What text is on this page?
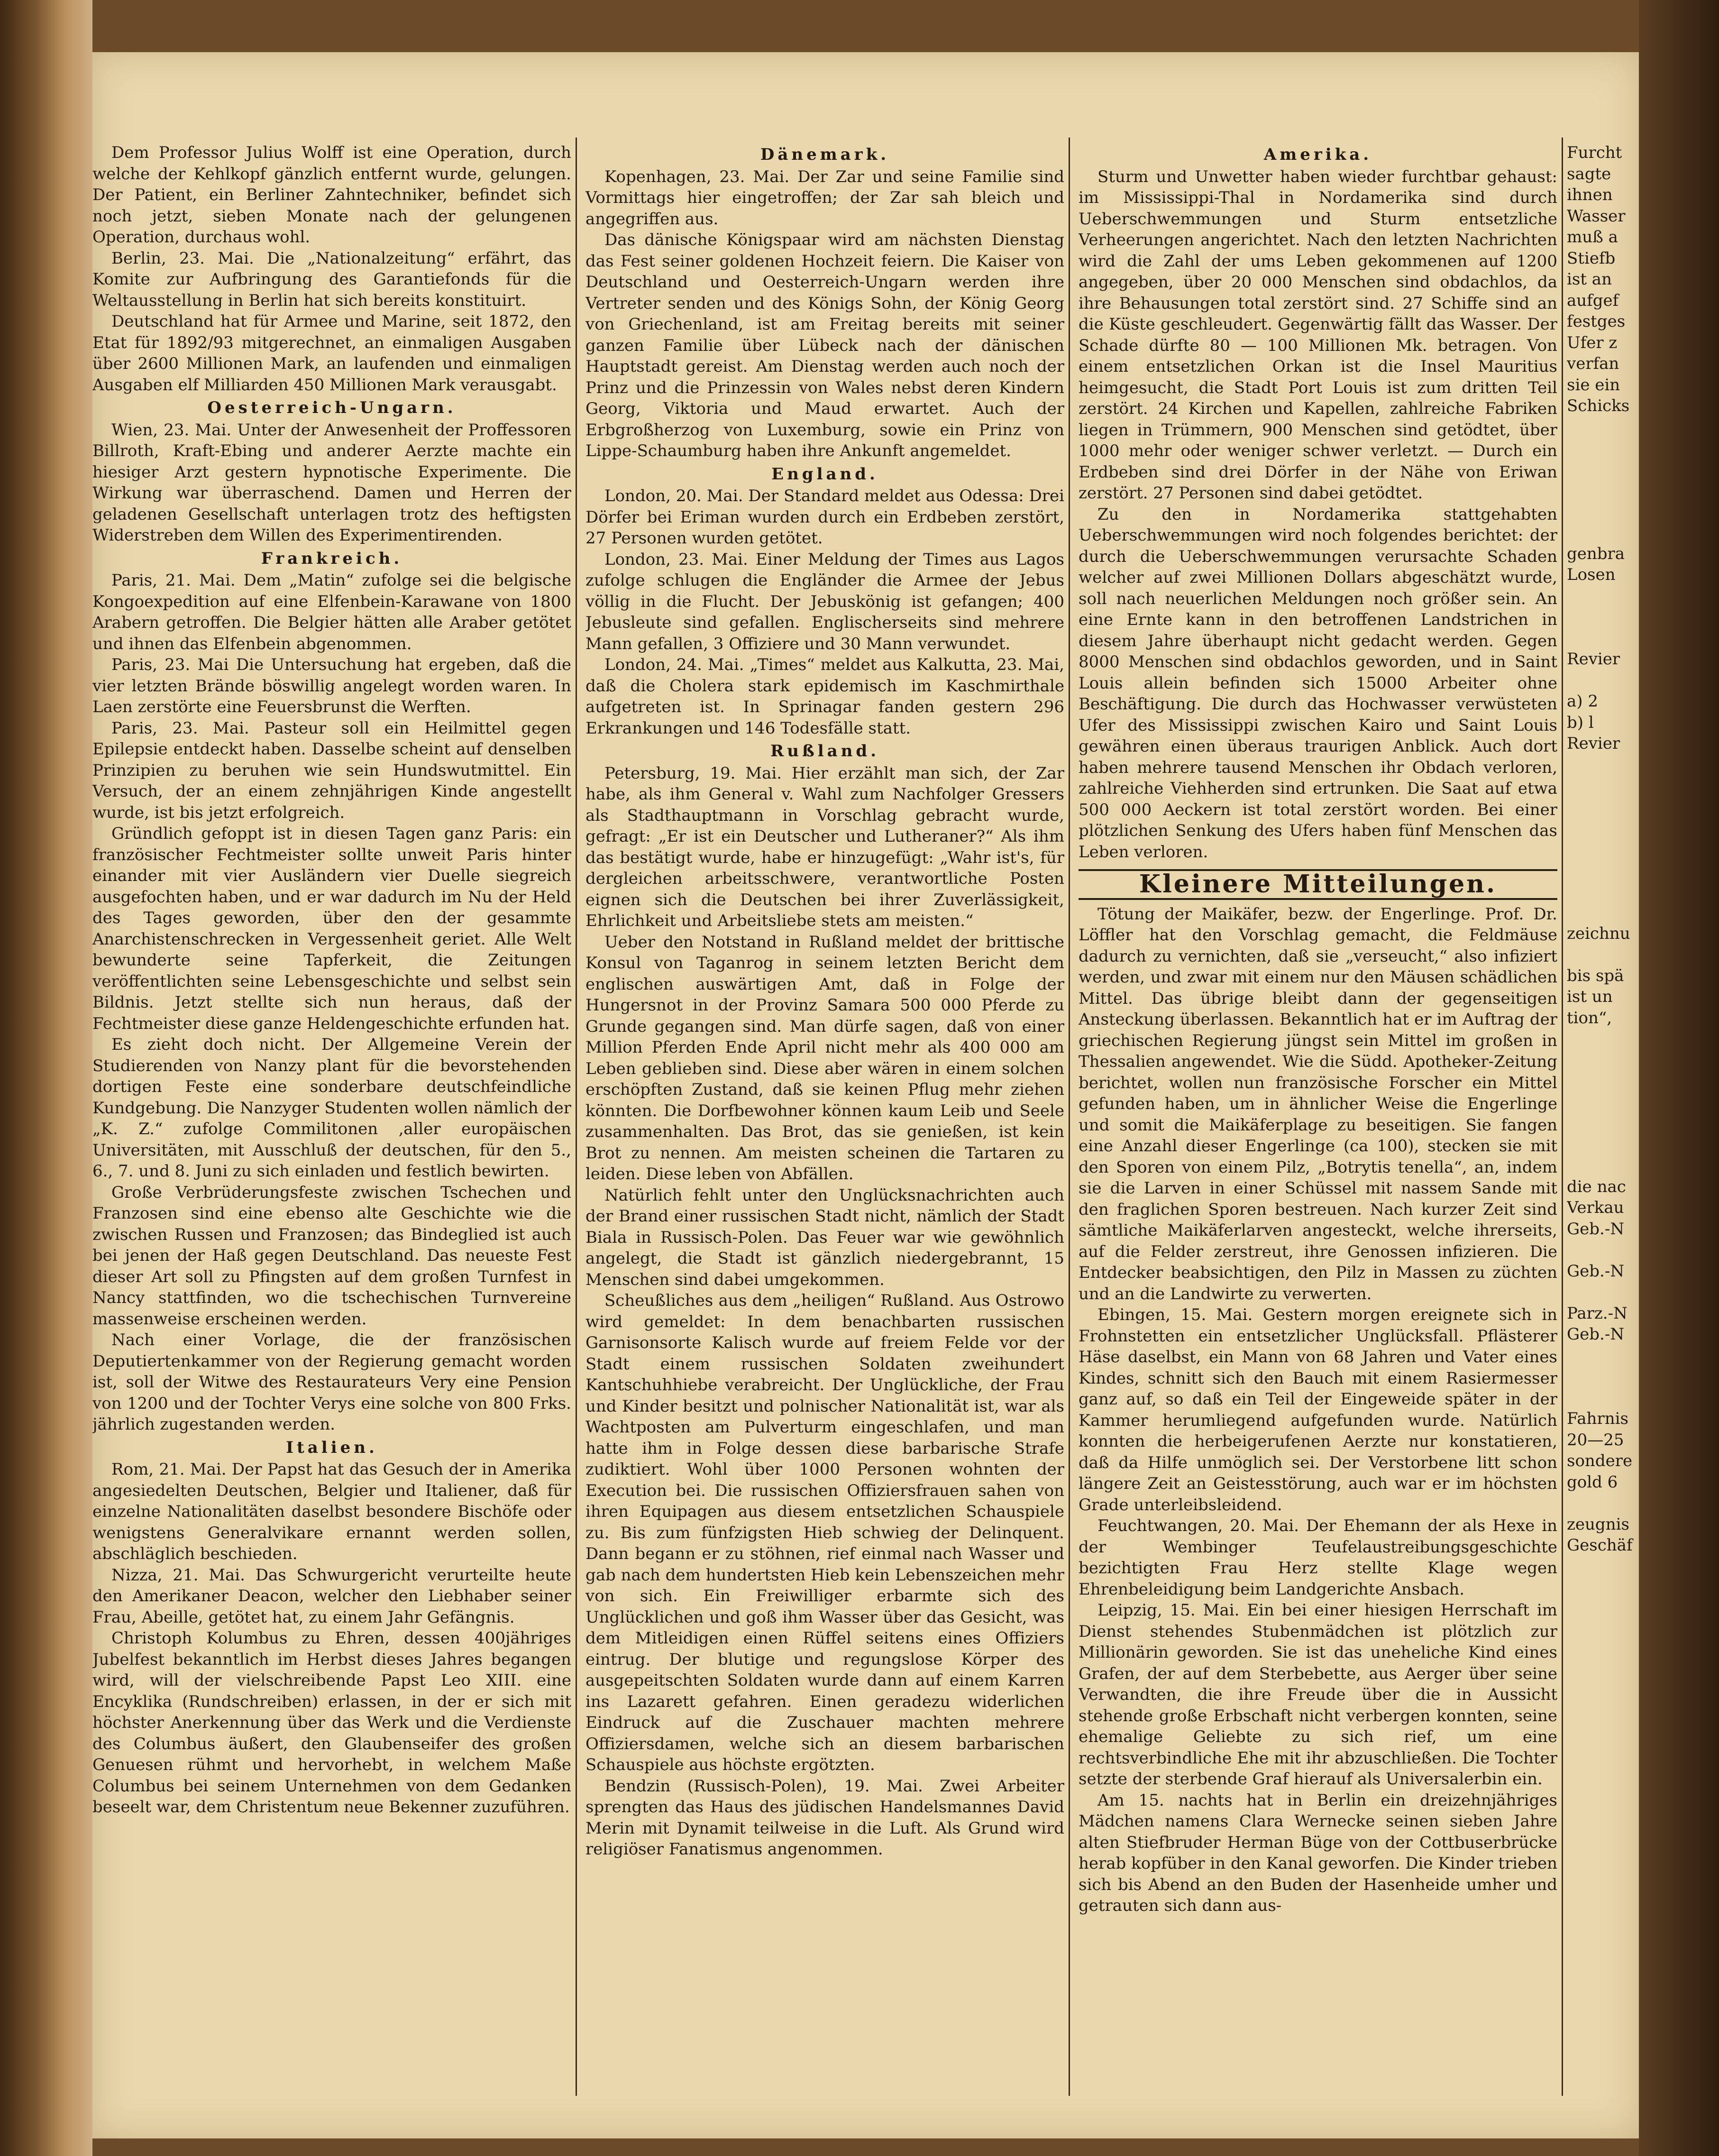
Dem Professor Julius Wolff ist eine Operation, durch welche der Kehlkopf gänzlich entfernt wurde, gelungen. Der Patient, ein Berliner Zahntechniker, befindet sich noch jetzt, sieben Monate nach der gelungenen Operation, durchaus wohl.

Berlin, 23. Mai. Die „Nationalzeitung“ erfährt, das Komite zur Aufbringung des Garantiefonds für die Weltausstellung in Berlin hat sich bereits konstituirt.

Deutschland hat für Armee und Marine, seit 1872, den Etat für 1892/93 mitgerechnet, an einmaligen Ausgaben über 2600 Millionen Mark, an laufenden und einmaligen Ausgaben elf Milliarden 450 Millionen Mark verausgabt.

Oesterreich-Ungarn.

Wien, 23. Mai. Unter der Anwesenheit der Proffessoren Billroth, Kraft-Ebing und anderer Aerzte machte ein hiesiger Arzt gestern hypnotische Experimente. Die Wirkung war überraschend. Damen und Herren der geladenen Gesellschaft unterlagen trotz des heftigsten Widerstreben dem Willen des Experimentirenden.

Frankreich.

Paris, 21. Mai. Dem „Matin“ zufolge sei die belgische Kongoexpedition auf eine Elfenbein-Karawane von 1800 Arabern getroffen. Die Belgier hätten alle Araber getötet und ihnen das Elfenbein abgenommen.

Paris, 23. Mai Die Untersuchung hat ergeben, daß die vier letzten Brände böswillig angelegt worden waren. In Laen zerstörte eine Feuersbrunst die Werften.

Paris, 23. Mai. Pasteur soll ein Heilmittel gegen Epilepsie entdeckt haben. Dasselbe scheint auf denselben Prinzipien zu beruhen wie sein Hundswutmittel. Ein Versuch, der an einem zehnjährigen Kinde angestellt wurde, ist bis jetzt erfolgreich.

Gründlich gefoppt ist in diesen Tagen ganz Paris: ein französischer Fechtmeister sollte unweit Paris hinter einander mit vier Ausländern vier Duelle siegreich ausgefochten haben, und er war dadurch im Nu der Held des Tages geworden, über den der gesammte Anarchistenschrecken in Vergessenheit geriet. Alle Welt bewunderte seine Tapferkeit, die Zeitungen veröffentlichten seine Lebensgeschichte und selbst sein Bildnis. Jetzt stellte sich nun heraus, daß der Fechtmeister diese ganze Heldengeschichte erfunden hat.

Es zieht doch nicht. Der Allgemeine Verein der Studierenden von Nanzy plant für die bevorstehenden dortigen Feste eine sonderbare deutschfeindliche Kundgebung. Die Nanzyger Studenten wollen nämlich der „K. Z.“ zufolge Commilitonen ‚aller europäischen Universitäten, mit Ausschluß der deutschen, für den 5., 6., 7. und 8. Juni zu sich einladen und festlich bewirten.

Große Verbrüderungsfeste zwischen Tschechen und Franzosen sind eine ebenso alte Geschichte wie die zwischen Russen und Franzosen; das Bindeglied ist auch bei jenen der Haß gegen Deutschland. Das neueste Fest dieser Art soll zu Pfingsten auf dem großen Turnfest in Nancy stattfinden, wo die tschechischen Turnvereine massenweise erscheinen werden.

Nach einer Vorlage, die der französischen Deputiertenkammer von der Regierung gemacht worden ist, soll der Witwe des Restaurateurs Very eine Pension von 1200 und der Tochter Verys eine solche von 800 Frks. jährlich zugestanden werden.

Italien.

Rom, 21. Mai. Der Papst hat das Gesuch der in Amerika angesiedelten Deutschen, Belgier und Italiener, daß für einzelne Nationalitäten daselbst besondere Bischöfe oder wenigstens Generalvikare ernannt werden sollen, abschläglich beschieden.

Nizza, 21. Mai. Das Schwurgericht verurteilte heute den Amerikaner Deacon, welcher den Liebhaber seiner Frau, Abeille, getötet hat, zu einem Jahr Gefängnis.

Christoph Kolumbus zu Ehren, dessen 400jähriges Jubelfest bekanntlich im Herbst dieses Jahres begangen wird, will der vielschreibende Papst Leo XIII. eine Encyklika (Rundschreiben) erlassen, in der er sich mit höchster Anerkennung über das Werk und die Verdienste des Columbus äußert, den Glaubenseifer des großen Genuesen rühmt und hervorhebt, in welchem Maße Columbus bei seinem Unternehmen von dem Gedanken beseelt war, dem Christentum neue Bekenner zuzuführen.

Dänemark.

Kopenhagen, 23. Mai. Der Zar und seine Familie sind Vormittags hier eingetroffen; der Zar sah bleich und angegriffen aus.

Das dänische Königspaar wird am nächsten Dienstag das Fest seiner goldenen Hochzeit feiern. Die Kaiser von Deutschland und Oesterreich-Ungarn werden ihre Vertreter senden und des Königs Sohn, der König Georg von Griechenland, ist am Freitag bereits mit seiner ganzen Familie über Lübeck nach der dänischen Hauptstadt gereist. Am Dienstag werden auch noch der Prinz und die Prinzessin von Wales nebst deren Kindern Georg, Viktoria und Maud erwartet. Auch der Erbgroßherzog von Luxemburg, sowie ein Prinz von Lippe-Schaumburg haben ihre Ankunft angemeldet.

England.

London, 20. Mai. Der Standard meldet aus Odessa: Drei Dörfer bei Eriman wurden durch ein Erdbeben zerstört, 27 Personen wurden getötet.

London, 23. Mai. Einer Meldung der Times aus Lagos zufolge schlugen die Engländer die Armee der Jebus völlig in die Flucht. Der Jebuskönig ist gefangen; 400 Jebusleute sind gefallen. Englischerseits sind mehrere Mann gefallen, 3 Offiziere und 30 Mann verwundet.

London, 24. Mai. „Times“ meldet aus Kalkutta, 23. Mai, daß die Cholera stark epidemisch im Kaschmirthale aufgetreten ist. In Sprinagar fanden gestern 296 Erkrankungen und 146 Todesfälle statt.

Rußland.

Petersburg, 19. Mai. Hier erzählt man sich, der Zar habe, als ihm General v. Wahl zum Nachfolger Gressers als Stadthauptmann in Vorschlag gebracht wurde, gefragt: „Er ist ein Deutscher und Lutheraner?“ Als ihm das bestätigt wurde, habe er hinzugefügt: „Wahr ist's, für dergleichen arbeitsschwere, verantwortliche Posten eignen sich die Deutschen bei ihrer Zuverlässigkeit, Ehrlichkeit und Arbeitsliebe stets am meisten.“

Ueber den Notstand in Rußland meldet der brittische Konsul von Taganrog in seinem letzten Bericht dem englischen auswärtigen Amt, daß in Folge der Hungersnot in der Provinz Samara 500 000 Pferde zu Grunde gegangen sind. Man dürfe sagen, daß von einer Million Pferden Ende April nicht mehr als 400 000 am Leben geblieben sind. Diese aber wären in einem solchen erschöpften Zustand, daß sie keinen Pflug mehr ziehen könnten. Die Dorfbewohner können kaum Leib und Seele zusammenhalten. Das Brot, das sie genießen, ist kein Brot zu nennen. Am meisten scheinen die Tartaren zu leiden. Diese leben von Abfällen.

Natürlich fehlt unter den Unglücksnachrichten auch der Brand einer russischen Stadt nicht, nämlich der Stadt Biala in Russisch-Polen. Das Feuer war wie gewöhnlich angelegt, die Stadt ist gänzlich niedergebrannt, 15 Menschen sind dabei umgekommen.

Scheußliches aus dem „heiligen“ Rußland. Aus Ostrowo wird gemeldet: In dem benachbarten russischen Garnisonsorte Kalisch wurde auf freiem Felde vor der Stadt einem russischen Soldaten zweihundert Kantschuhhiebe verabreicht. Der Unglückliche, der Frau und Kinder besitzt und polnischer Nationalität ist, war als Wachtposten am Pulverturm eingeschlafen, und man hatte ihm in Folge dessen diese barbarische Strafe zudiktiert. Wohl über 1000 Personen wohnten der Execution bei. Die russischen Offiziersfrauen sahen von ihren Equipagen aus diesem entsetzlichen Schauspiele zu. Bis zum fünfzigsten Hieb schwieg der Delinquent. Dann begann er zu stöhnen, rief einmal nach Wasser und gab nach dem hundertsten Hieb kein Lebenszeichen mehr von sich. Ein Freiwilliger erbarmte sich des Unglücklichen und goß ihm Wasser über das Gesicht, was dem Mitleidigen einen Rüffel seitens eines Offiziers eintrug. Der blutige und regungslose Körper des ausgepeitschten Soldaten wurde dann auf einem Karren ins Lazarett gefahren. Einen geradezu widerlichen Eindruck auf die Zuschauer machten mehrere Offiziersdamen, welche sich an diesem barbarischen Schauspiele aus höchste ergötzten.

Bendzin (Russisch-Polen), 19. Mai. Zwei Arbeiter sprengten das Haus des jüdischen Handelsmannes David Merin mit Dynamit teilweise in die Luft. Als Grund wird religiöser Fanatismus angenommen.

Amerika.

Sturm und Unwetter haben wieder furchtbar gehaust: im Mississippi-Thal in Nordamerika sind durch Ueberschwemmungen und Sturm entsetzliche Verheerungen angerichtet. Nach den letzten Nachrichten wird die Zahl der ums Leben gekommenen auf 1200 angegeben, über 20 000 Menschen sind obdachlos, da ihre Behausungen total zerstört sind. 27 Schiffe sind an die Küste geschleudert. Gegenwärtig fällt das Wasser. Der Schade dürfte 80 — 100 Millionen Mk. betragen. Von einem entsetzlichen Orkan ist die Insel Mauritius heimgesucht, die Stadt Port Louis ist zum dritten Teil zerstört. 24 Kirchen und Kapellen, zahlreiche Fabriken liegen in Trümmern, 900 Menschen sind getödtet, über 1000 mehr oder weniger schwer verletzt. — Durch ein Erdbeben sind drei Dörfer in der Nähe von Eriwan zerstört. 27 Personen sind dabei getödtet.

Zu den in Nordamerika stattgehabten Ueberschwemmungen wird noch folgendes berichtet: der durch die Ueberschwemmungen verursachte Schaden welcher auf zwei Millionen Dollars abgeschätzt wurde, soll nach neuerlichen Meldungen noch größer sein. An eine Ernte kann in den betroffenen Landstrichen in diesem Jahre überhaupt nicht gedacht werden. Gegen 8000 Menschen sind obdachlos geworden, und in Saint Louis allein befinden sich 15000 Arbeiter ohne Beschäftigung. Die durch das Hochwasser verwüsteten Ufer des Mississippi zwischen Kairo und Saint Louis gewähren einen überaus traurigen Anblick. Auch dort haben mehrere tausend Menschen ihr Obdach verloren, zahlreiche Viehherden sind ertrunken. Die Saat auf etwa 500 000 Aeckern ist total zerstört worden. Bei einer plötzlichen Senkung des Ufers haben fünf Menschen das Leben verloren.

Kleinere Mitteilungen.

Tötung der Maikäfer, bezw. der Engerlinge. Prof. Dr. Löffler hat den Vorschlag gemacht, die Feldmäuse dadurch zu vernichten, daß sie „verseucht,“ also infiziert werden, und zwar mit einem nur den Mäusen schädlichen Mittel. Das übrige bleibt dann der gegenseitigen Ansteckung überlassen. Bekanntlich hat er im Auftrag der griechischen Regierung jüngst sein Mittel im großen in Thessalien angewendet. Wie die Südd. Apotheker-Zeitung berichtet, wollen nun französische Forscher ein Mittel gefunden haben, um in ähnlicher Weise die Engerlinge und somit die Maikäferplage zu beseitigen. Sie fangen eine Anzahl dieser Engerlinge (ca 100), stecken sie mit den Sporen von einem Pilz, „Botrytis tenella“, an, indem sie die Larven in einer Schüssel mit nassem Sande mit den fraglichen Sporen bestreuen. Nach kurzer Zeit sind sämtliche Maikäferlarven angesteckt, welche ihrerseits, auf die Felder zerstreut, ihre Genossen infizieren. Die Entdecker beabsichtigen, den Pilz in Massen zu züchten und an die Landwirte zu verwerten.

Ebingen, 15. Mai. Gestern morgen ereignete sich in Frohnstetten ein entsetzlicher Unglücksfall. Pflästerer Häse daselbst, ein Mann von 68 Jahren und Vater eines Kindes, schnitt sich den Bauch mit einem Rasiermesser ganz auf, so daß ein Teil der Eingeweide später in der Kammer herumliegend aufgefunden wurde. Natürlich konnten die herbeigerufenen Aerzte nur konstatieren, daß da Hilfe unmöglich sei. Der Verstorbene litt schon längere Zeit an Geistesstörung, auch war er im höchsten Grade unterleibsleidend.

Feuchtwangen, 20. Mai. Der Ehemann der als Hexe in der Wembinger Teufelaustreibungsgeschichte bezichtigten Frau Herz stellte Klage wegen Ehrenbeleidigung beim Landgerichte Ansbach.

Leipzig, 15. Mai. Ein bei einer hiesigen Herrschaft im Dienst stehendes Stubenmädchen ist plötzlich zur Millionärin geworden. Sie ist das uneheliche Kind eines Grafen, der auf dem Sterbebette, aus Aerger über seine Verwandten, die ihre Freude über die in Aussicht stehende große Erbschaft nicht verbergen konnten, seine ehemalige Geliebte zu sich rief, um eine rechtsverbindliche Ehe mit ihr abzuschließen. Die Tochter setzte der sterbende Graf hierauf als Universalerbin ein.

Am 15. nachts hat in Berlin ein dreizehnjähriges Mädchen namens Clara Wernecke seinen sieben Jahre alten Stiefbruder Herman Büge von der Cottbuserbrücke herab kopfüber in den Kanal geworfen. Die Kinder trieben sich bis Abend an den Buden der Hasenheide umher und getrauten sich dann aus-

Furcht
sagte
ihnen
Wasser
muß a
Stiefb
ist an
aufgef
festges
Ufer z
verfan
sie ein
Schicks
genbra
Losen
Revier
a) 2
b) l
Revier
zeichnu
bis spä
ist un
tion“,
die nac
Verkau
Geb.-N
Geb.-N
Parz.-N
Geb.-N
Fahrnis
20—25
sondere
gold 6
zeugnis
Geschäf
